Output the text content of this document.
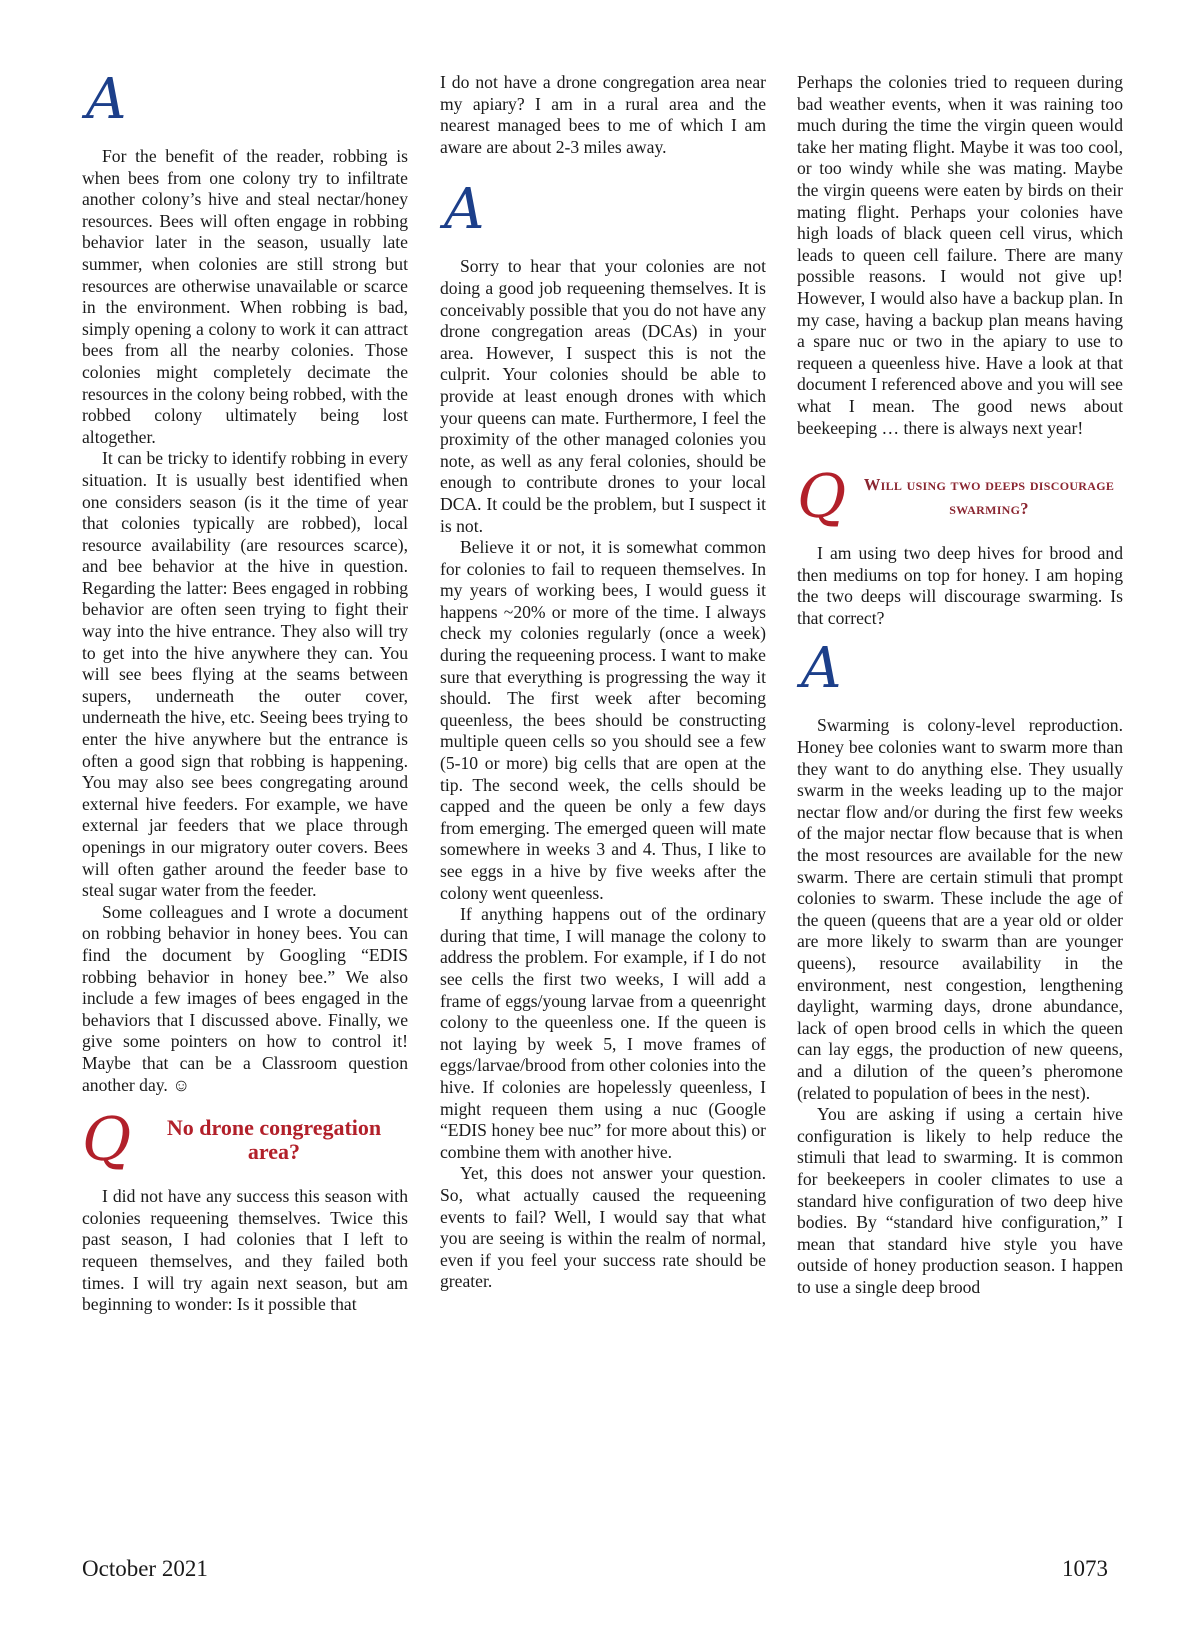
A

For the benefit of the reader, robbing is when bees from one colony try to infiltrate another colony’s hive and steal nectar/honey resources. Bees will often engage in robbing behavior later in the season, usually late summer, when colonies are still strong but resources are otherwise unavailable or scarce in the environment. When robbing is bad, simply opening a colony to work it can attract bees from all the nearby colonies. Those colonies might completely decimate the resources in the colony being robbed, with the robbed colony ultimately being lost altogether.

It can be tricky to identify robbing in every situation. It is usually best identified when one considers season (is it the time of year that colonies typically are robbed), local resource availability (are resources scarce), and bee behavior at the hive in question. Regarding the latter: Bees engaged in robbing behavior are often seen trying to fight their way into the hive entrance. They also will try to get into the hive anywhere they can. You will see bees flying at the seams between supers, underneath the outer cover, underneath the hive, etc. Seeing bees trying to enter the hive anywhere but the entrance is often a good sign that robbing is happening. You may also see bees congregating around external hive feeders. For example, we have external jar feeders that we place through openings in our migratory outer covers. Bees will often gather around the feeder base to steal sugar water from the feeder.

Some colleagues and I wrote a document on robbing behavior in honey bees. You can find the document by Googling “EDIS robbing behavior in honey bee.” We also include a few images of bees engaged in the behaviors that I discussed above. Finally, we give some pointers on how to control it! Maybe that can be a Classroom question another day. ☺

Q	No drone congregation area?

I did not have any success this season with colonies requeening themselves. Twice this past season, I had colonies that I left to requeen themselves, and they failed both times. I will try again next season, but am beginning to wonder: Is it possible that

I do not have a drone congregation area near my apiary? I am in a rural area and the nearest managed bees to me of which I am aware are about 2-3 miles away.

A

Sorry to hear that your colonies are not doing a good job requeening themselves. It is conceivably possible that you do not have any drone congregation areas (DCAs) in your area. However, I suspect this is not the culprit. Your colonies should be able to provide at least enough drones with which your queens can mate. Furthermore, I feel the proximity of the other managed colonies you note, as well as any feral colonies, should be enough to contribute drones to your local DCA. It could be the problem, but I suspect it is not.

Believe it or not, it is somewhat common for colonies to fail to requeen themselves. In my years of working bees, I would guess it happens ~20% or more of the time. I always check my colonies regularly (once a week) during the requeening process. I want to make sure that everything is progressing the way it should. The first week after becoming queenless, the bees should be constructing multiple queen cells so you should see a few (5-10 or more) big cells that are open at the tip. The second week, the cells should be capped and the queen be only a few days from emerging. The emerged queen will mate somewhere in weeks 3 and 4. Thus, I like to see eggs in a hive by five weeks after the colony went queenless.

If anything happens out of the ordinary during that time, I will manage the colony to address the problem. For example, if I do not see cells the first two weeks, I will add a frame of eggs/young larvae from a queenright colony to the queenless one. If the queen is not laying by week 5, I move frames of eggs/larvae/brood from other colonies into the hive. If colonies are hopelessly queenless, I might requeen them using a nuc (Google “EDIS honey bee nuc” for more about this) or combine them with another hive.

Yet, this does not answer your question. So, what actually caused the requeening events to fail? Well, I would say that what you are seeing is within the realm of normal, even if you feel your success rate should be greater.

Perhaps the colonies tried to requeen during bad weather events, when it was raining too much during the time the virgin queen would take her mating flight. Maybe it was too cool, or too windy while she was mating. Maybe the virgin queens were eaten by birds on their mating flight. Perhaps your colonies have high loads of black queen cell virus, which leads to queen cell failure. There are many possible reasons. I would not give up! However, I would also have a backup plan. In my case, having a backup plan means having a spare nuc or two in the apiary to use to requeen a queenless hive. Have a look at that document I referenced above and you will see what I mean. The good news about beekeeping … there is always next year!

Q	Will using two deeps discourage swarming?

I am using two deep hives for brood and then mediums on top for honey. I am hoping the two deeps will discourage swarming. Is that correct?

A

Swarming is colony-level reproduction. Honey bee colonies want to swarm more than they want to do anything else. They usually swarm in the weeks leading up to the major nectar flow and/or during the first few weeks of the major nectar flow because that is when the most resources are available for the new swarm. There are certain stimuli that prompt colonies to swarm. These include the age of the queen (queens that are a year old or older are more likely to swarm than are younger queens), resource availability in the environment, nest congestion, lengthening daylight, warming days, drone abundance, lack of open brood cells in which the queen can lay eggs, the production of new queens, and a dilution of the queen’s pheromone (related to population of bees in the nest).

You are asking if using a certain hive configuration is likely to help reduce the stimuli that lead to swarming. It is common for beekeepers in cooler climates to use a standard hive configuration of two deep hive bodies. By “standard hive configuration,” I mean that standard hive style you have outside of honey production season. I happen to use a single deep brood

October 2021	1073
